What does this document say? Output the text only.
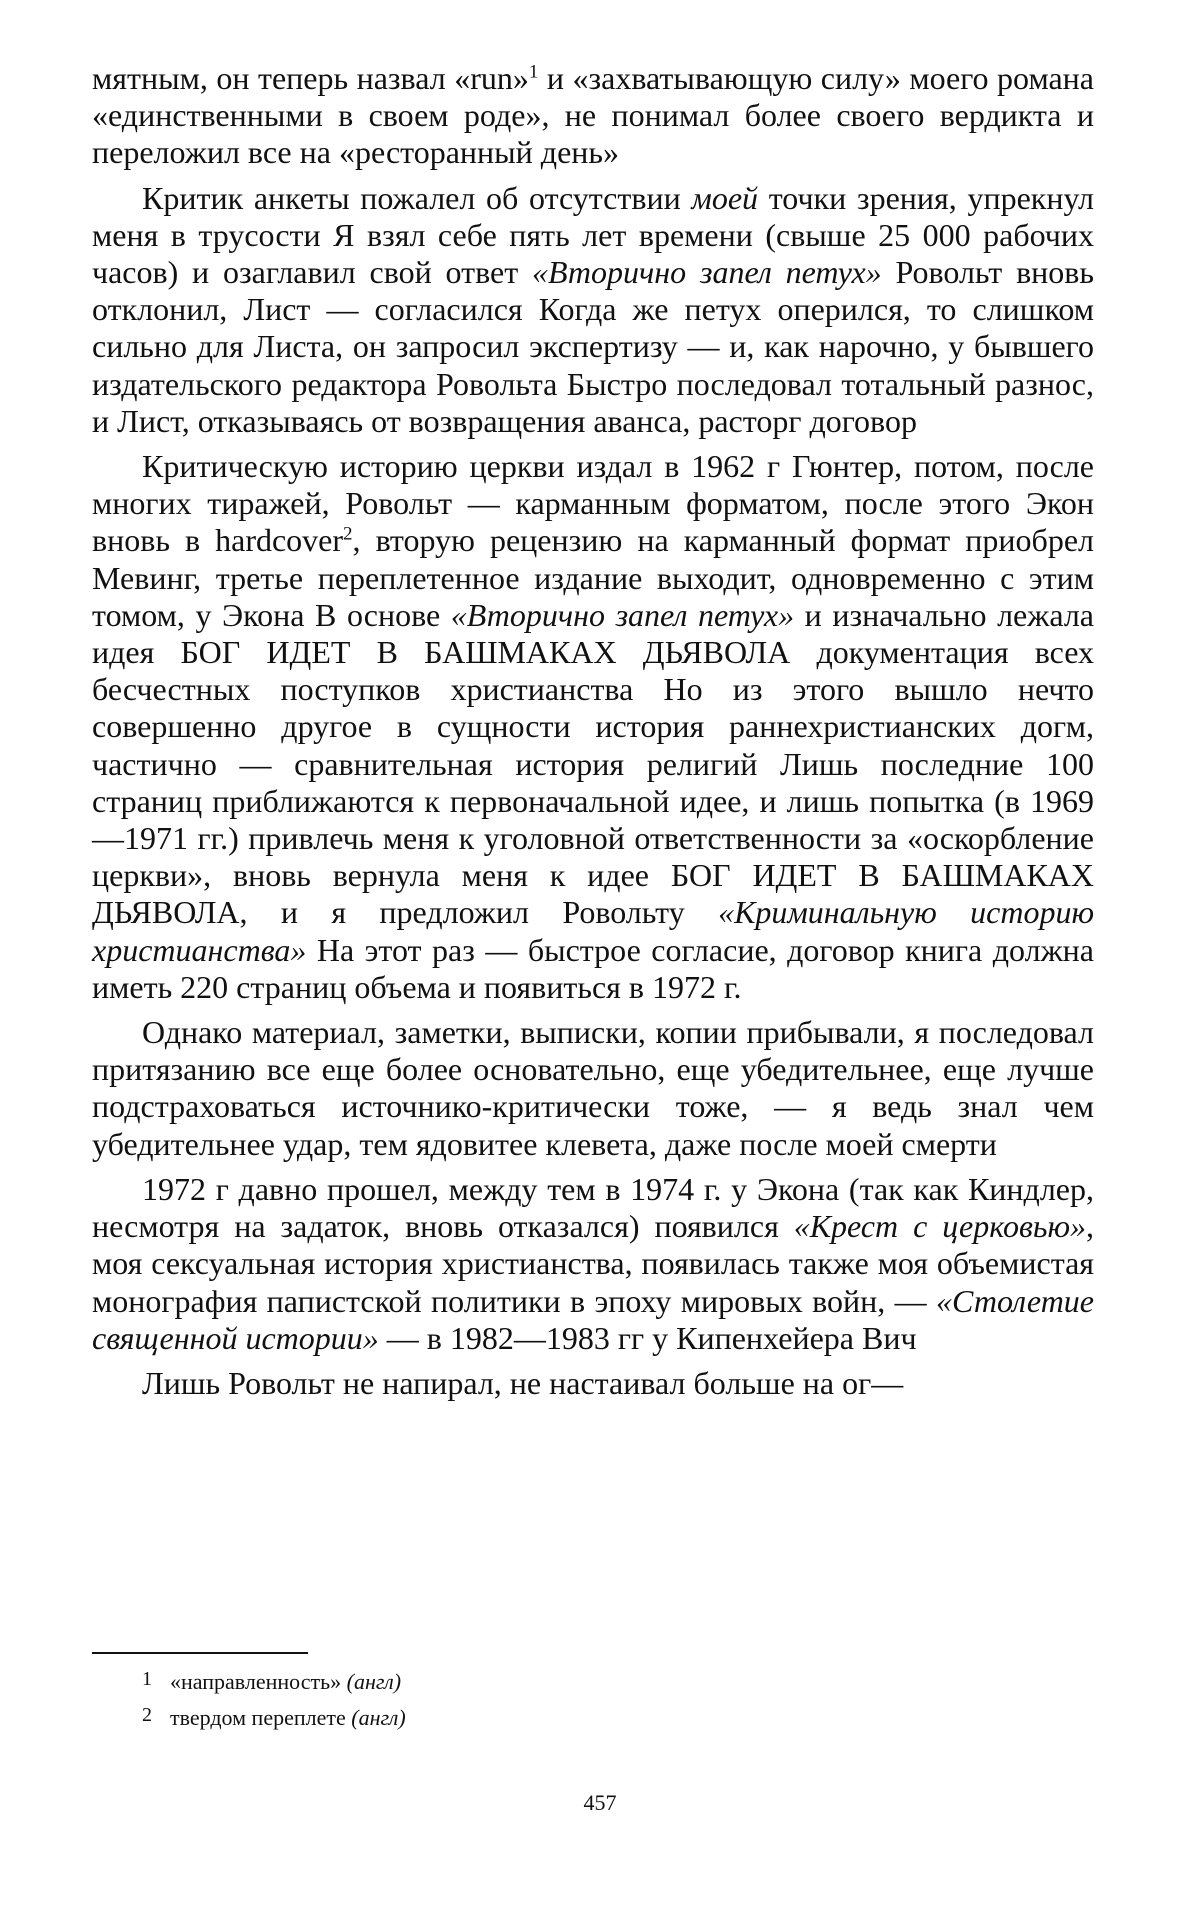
мятным, он теперь назвал «run»$^1$ и «захватывающую силу» моего романа «единственными в своем роде», не понимал более своего вердикта и переложил все на «ресторанный день»

Критик анкеты пожалел об отсутствии моей точки зрения, упрекнул меня в трусости Я взял себе пять лет времени (свыше 25 000 рабочих часов) и озаглавил свой ответ «Вторично запел петух» Ровольт вновь отклонил, Лист — согласился Когда же петух оперился, то слишком сильно для Листа, он запросил экспертизу — и, как нарочно, у бывшего издательского редактора Ровольта Быстро последовал тотальный разнос, и Лист, отказываясь от возвращения аванса, расторг договор

Критическую историю церкви издал в 1962 г Гюнтер, потом, после многих тиражей, Ровольт — карманным форматом, после этого Экон вновь в hardcover$^2$, вторую рецензию на карманный формат приобрел Мевинг, третье переплетенное издание выходит, одновременно с этим томом, у Экона В основе «Вторично запел петух» и изначально лежала идея БОГ ИДЕТ В БАШМАКАХ ДЬЯВОЛА документация всех бесчестных поступков христианства Но из этого вышло нечто совершенно другое в сущности история раннехристианских догм, частично — сравнительная история религий Лишь последние 100 страниц приближаются к первоначальной идее, и лишь попытка (в 1969—1971 гг.) привлечь меня к уголовной ответственности за «оскорбление церкви», вновь вернула меня к идее БОГ ИДЕТ В БАШМАКАХ ДЬЯВОЛА, и я предложил Ровольту «Криминальную историю христианства» На этот раз — быстрое согласие, договор книга должна иметь 220 страниц объема и появиться в 1972 г.

Однако материал, заметки, выписки, копии прибывали, я последовал притязанию все еще более основательно, еще убедительнее, еще лучше подстраховаться источнико-критически тоже, — я ведь знал чем убедительнее удар, тем ядовитее клевета, даже после моей смерти

1972 г давно прошел, между тем в 1974 г. у Экона (так как Киндлер, несмотря на задаток, вновь отказался) появился «Крест с церковью», моя сексуальная история христианства, появилась также моя объемистая монография папистской политики в эпоху мировых войн, — «Столетие священной истории» — в 1982—1983 гг у Кипенхейера Вич

Лишь Ровольт не напирал, не настаивал больше на ог—

1 «направленность» (англ)

2 твердом переплете (англ)

457
